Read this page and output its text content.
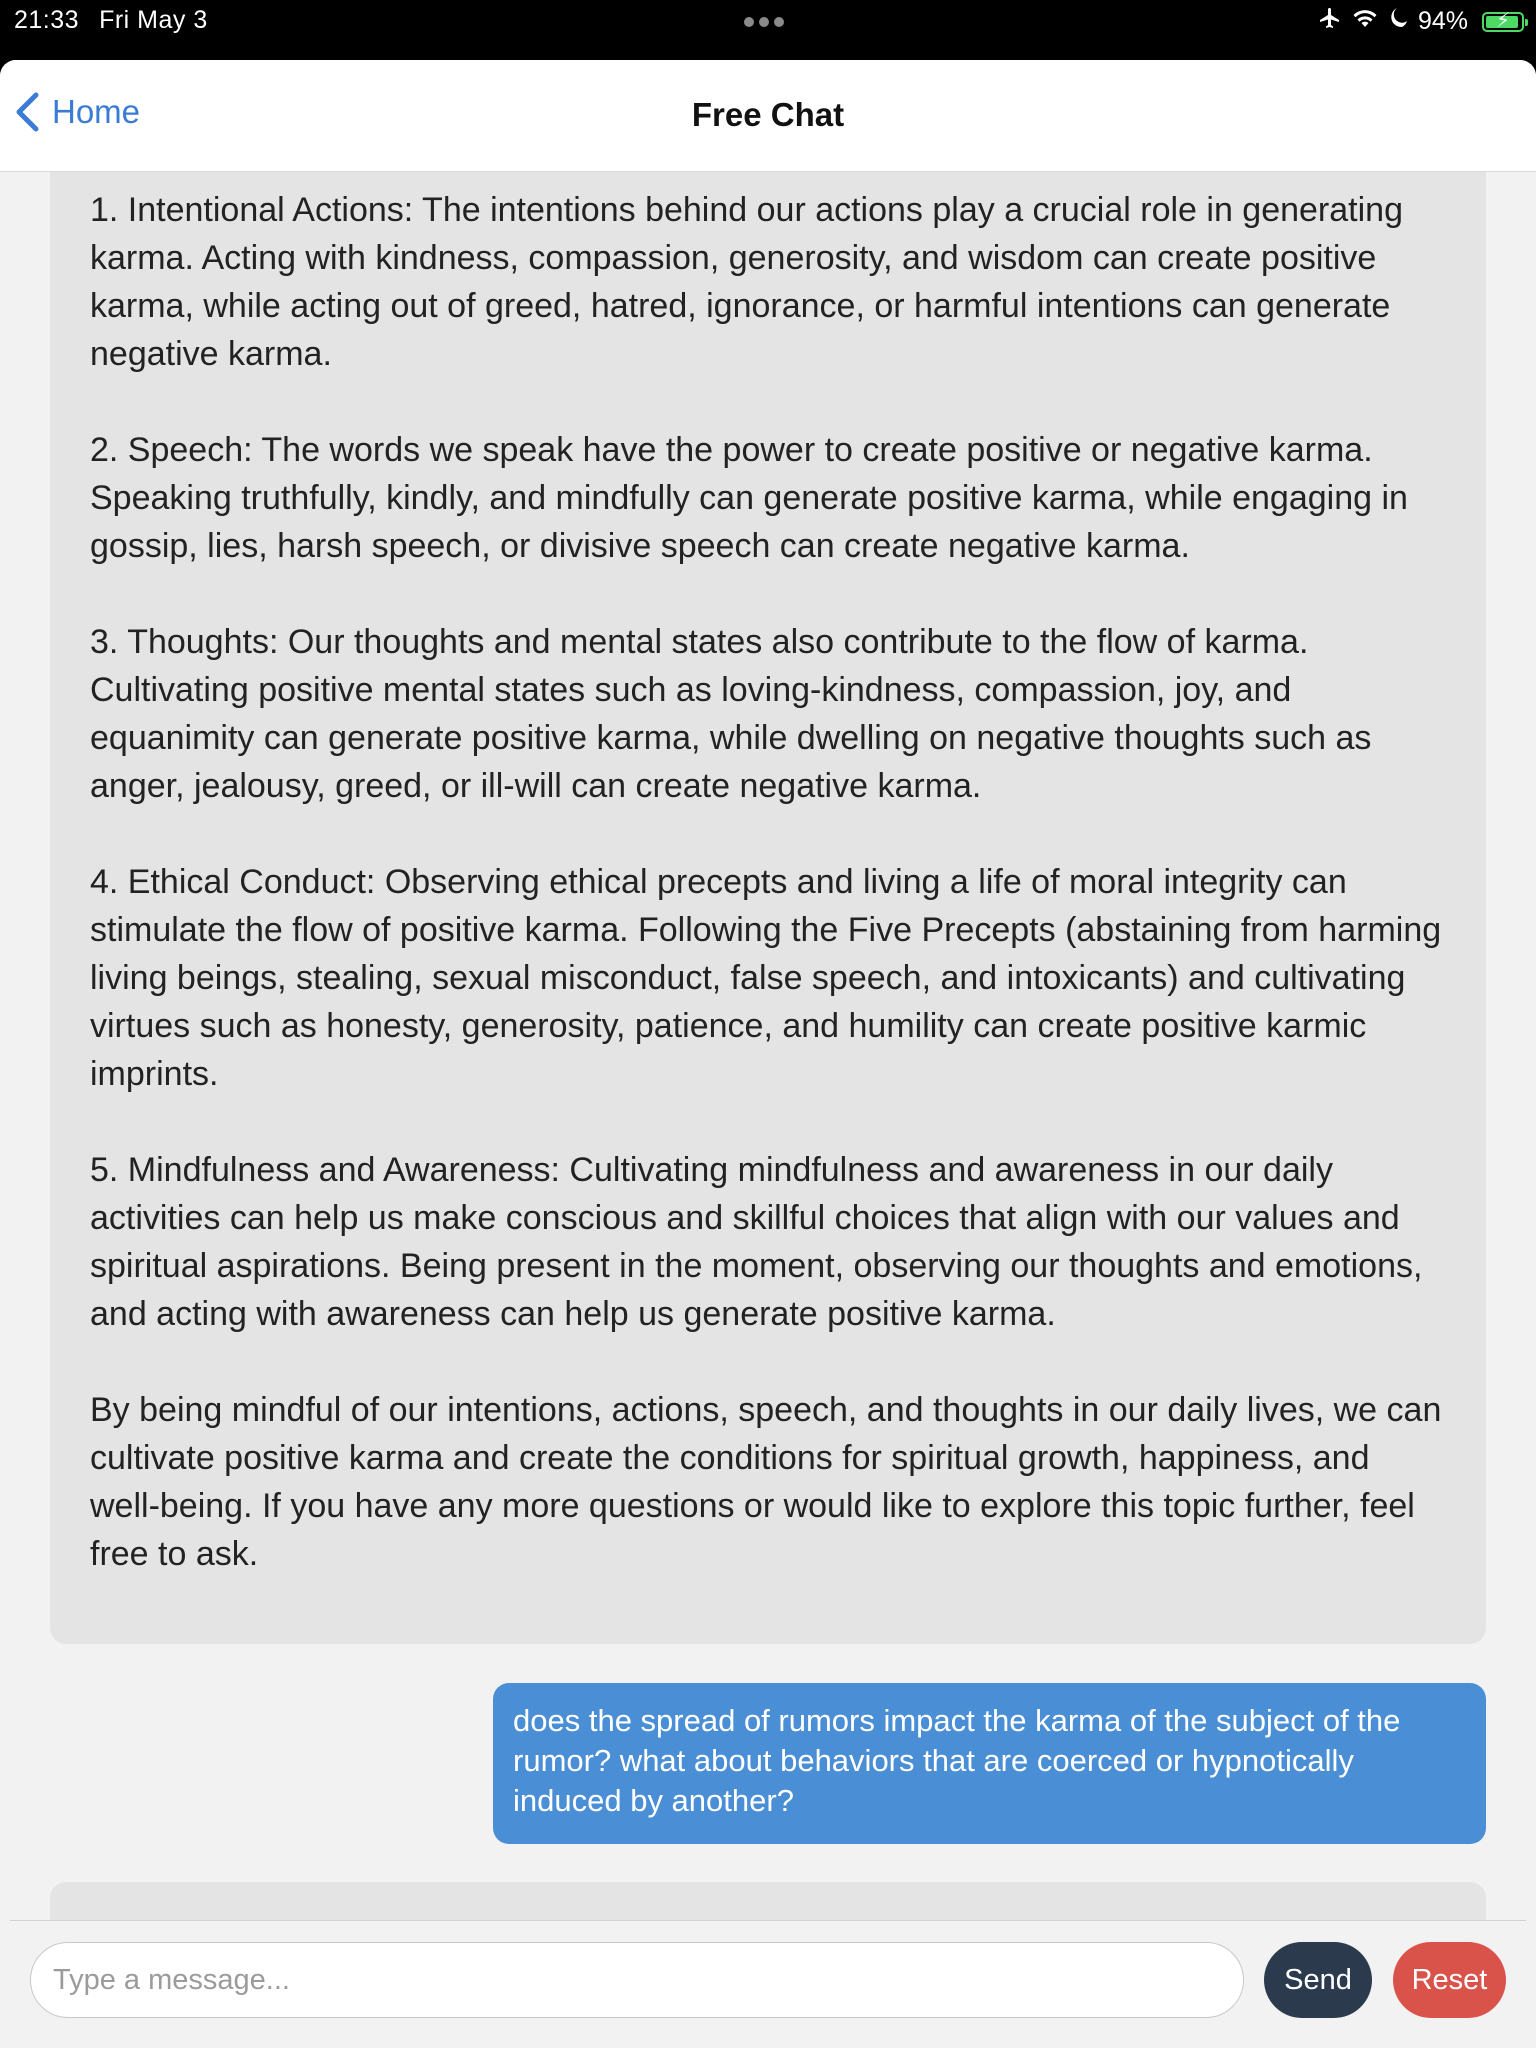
21:33 Fri May 3	94%	⚡
Home	Free Chat

1. Intentional Actions: The intentions behind our actions play a crucial role in generating karma. Acting with kindness, compassion, generosity, and wisdom can create positive karma, while acting out of greed, hatred, ignorance, or harmful intentions can generate negative karma.

2. Speech: The words we speak have the power to create positive or negative karma. Speaking truthfully, kindly, and mindfully can generate positive karma, while engaging in gossip, lies, harsh speech, or divisive speech can create negative karma.

3. Thoughts: Our thoughts and mental states also contribute to the flow of karma. Cultivating positive mental states such as loving-kindness, compassion, joy, and equanimity can generate positive karma, while dwelling on negative thoughts such as anger, jealousy, greed, or ill-will can create negative karma.

4. Ethical Conduct: Observing ethical precepts and living a life of moral integrity can stimulate the flow of positive karma. Following the Five Precepts (abstaining from harming living beings, stealing, sexual misconduct, false speech, and intoxicants) and cultivating virtues such as honesty, generosity, patience, and humility can create positive karmic imprints.

5. Mindfulness and Awareness: Cultivating mindfulness and awareness in our daily activities can help us make conscious and skillful choices that align with our values and spiritual aspirations. Being present in the moment, observing our thoughts and emotions, and acting with awareness can help us generate positive karma.

By being mindful of our intentions, actions, speech, and thoughts in our daily lives, we can cultivate positive karma and create the conditions for spiritual growth, happiness, and well-being. If you have any more questions or would like to explore this topic further, feel free to ask.

does the spread of rumors impact the karma of the subject of the rumor? what about behaviors that are coerced or hypnotically induced by another?
Type a message...
Send	Reset
